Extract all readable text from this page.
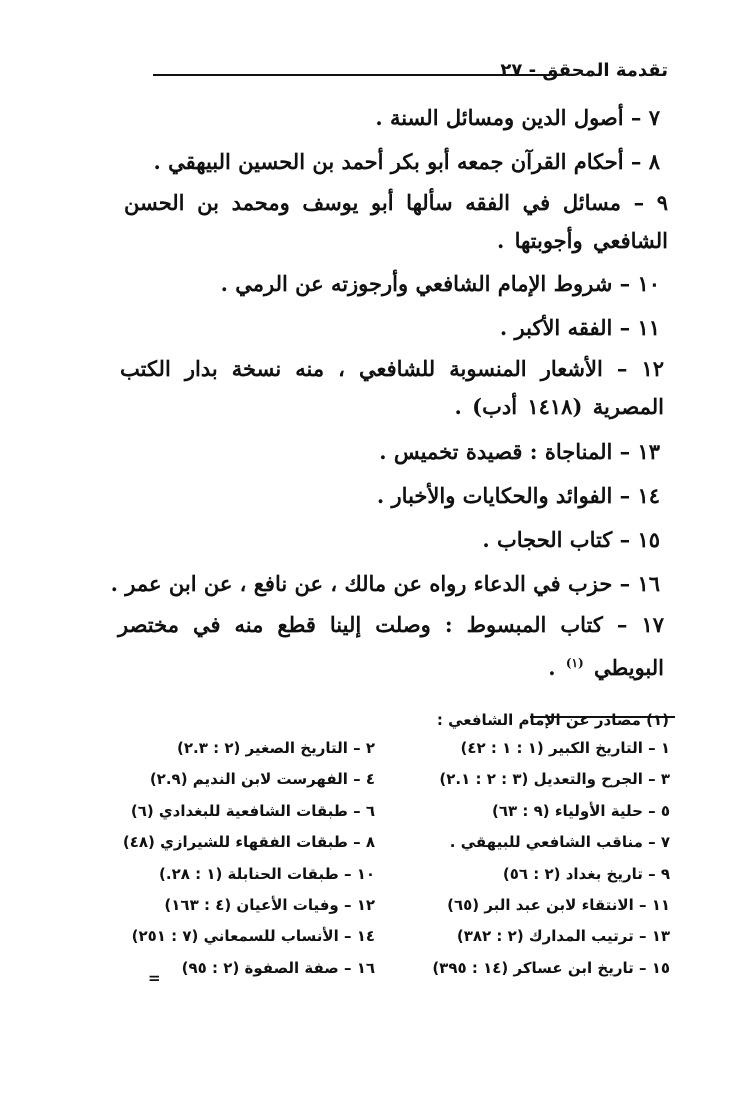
تقدمة المحقق - ٢٧

٧ – أصول الدين ومسائل السنة .

٨ – أحكام القرآن جمعه أبو بكر أحمد بن الحسين البيهقي .

٩ – مسائل في الفقه سألها أبو يوسف ومحمد بن الحسن الشافعي وأجوبتها .

١٠ – شروط الإمام الشافعي وأرجوزته عن الرمي .

١١ – الفقه الأكبر .

١٢ – الأشعار المنسوبة للشافعي ، منه نسخة بدار الكتب المصرية (١٤١٨ أدب) .

١٣ – المناجاة : قصيدة تخميس .

١٤ – الفوائد والحكايات والأخبار .

١٥ – كتاب الحجاب .

١٦ – حزب في الدعاء رواه عن مالك ، عن نافع ، عن ابن عمر .

١٧ – كتاب المبسوط : وصلت إلينا قطع منه في مختصر البويطي $^{(١)}$ .

(١) مصادر عن الإمام الشافعي :
١ – التاريخ الكبير (١ : ١ : ٤٢)
٢ – التاريخ الصغير (٢ : ٢.٣)
٣ – الجرح والتعديل (٣ : ٢ : ٢.١)
٤ – الفهرست لابن النديم (٢.٩)
٥ – حلية الأولياء (٩ : ٦٣)
٦ – طبقات الشافعية للبغدادي (٦)
٧ – مناقب الشافعي للبيهقي .
٨ – طبقات الفقهاء للشيرازي (٤٨)
٩ – تاريخ بغداد (٢ : ٥٦)
١٠ – طبقات الحنابلة (١ : ٢٨.)
١١ – الانتقاء لابن عبد البر (٦٥)
١٢ – وفيات الأعيان (٤ : ١٦٣)
١٣ – ترتيب المدارك (٢ : ٣٨٢)
١٤ – الأنساب للسمعاني (٧ : ٢٥١)
١٥ – تاريخ ابن عساكر (١٤ : ٣٩٥)
١٦ – صفة الصفوة (٢ : ٩٥)
=
